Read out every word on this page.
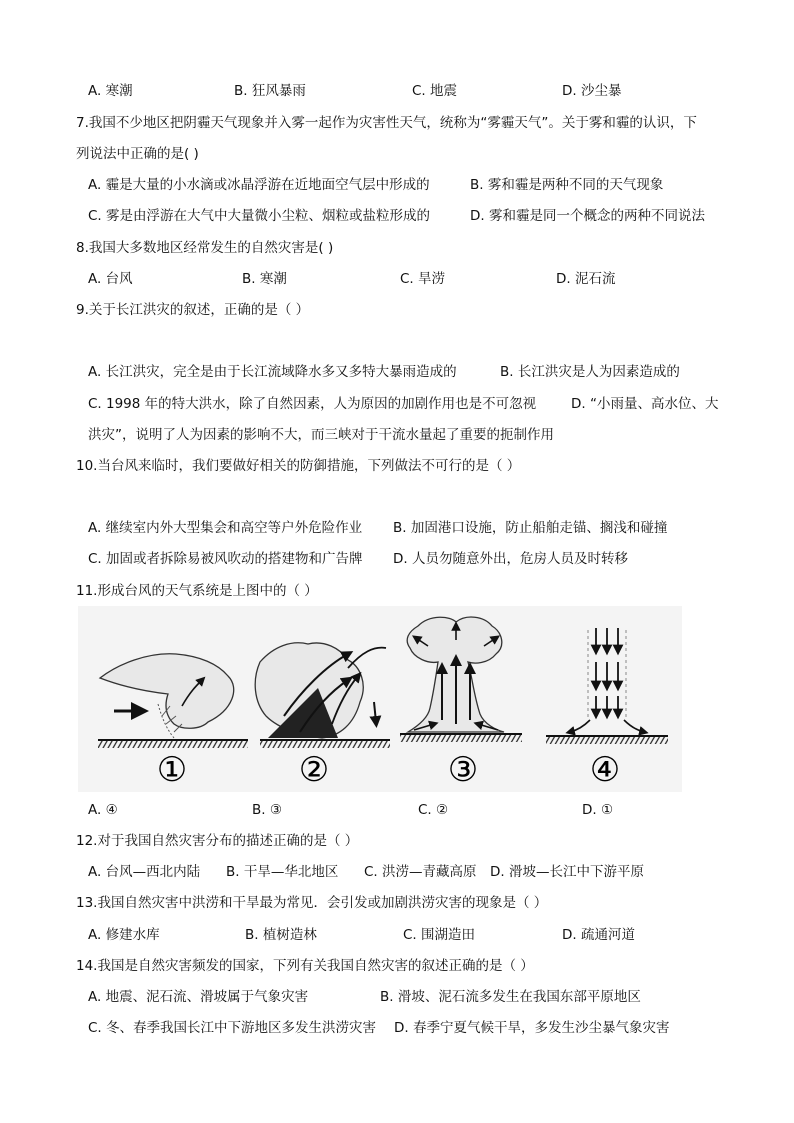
A. 寒潮	B. 狂风暴雨	C. 地震	D. 沙尘暴
7.我国不少地区把阴霾天气现象并入雾一起作为灾害性天气，统称为“雾霾天气”。关于雾和霾的认识，下
列说法中正确的是( )
A. 霾是大量的小水滴或冰晶浮游在近地面空气层中形成的	B. 雾和霾是两种不同的天气现象
C. 雾是由浮游在大气中大量微小尘粒、烟粒或盐粒形成的	D. 雾和霾是同一个概念的两种不同说法
8.我国大多数地区经常发生的自然灾害是( )
A. 台风	B. 寒潮	C. 旱涝	D. 泥石流
9.关于长江洪灾的叙述，正确的是（ ）
A. 长江洪灾，完全是由于长江流域降水多又多特大暴雨造成的	B. 长江洪灾是人为因素造成的
C. 1998 年的特大洪水，除了自然因素，人为原因的加剧作用也是不可忽视	D. “小雨量、高水位、大
洪灾”，说明了人为因素的影响不大，而三峡对于干流水量起了重要的扼制作用
10.当台风来临时，我们要做好相关的防御措施，下列做法不可行的是（ ）
A. 继续室内外大型集会和高空等户外危险作业 B. 加固港口设施，防止船舶走锚、搁浅和碰撞
C. 加固或者拆除易被风吹动的搭建物和广告牌 D. 人员勿随意外出，危房人员及时转移
11.形成台风的天气系统是上图中的（ ）
①	②	③	④
A. ④	B. ③	C. ②	D. ①
12.对于我国自然灾害分布的描述正确的是（ ）
A. 台风—西北内陆 B. 干旱—华北地区 C. 洪涝—青藏高原 D. 滑坡—长江中下游平原
13.我国自然灾害中洪涝和干旱最为常见．会引发或加剧洪涝灾害的现象是（ ）
A. 修建水库	B. 植树造林	C. 围湖造田	D. 疏通河道
14.我国是自然灾害频发的国家，下列有关我国自然灾害的叙述正确的是（ ）
A. 地震、泥石流、滑坡属于气象灾害	B. 滑坡、泥石流多发生在我国东部平原地区
C. 冬、春季我国长江中下游地区多发生洪涝灾害 D. 春季宁夏气候干旱，多发生沙尘暴气象灾害
